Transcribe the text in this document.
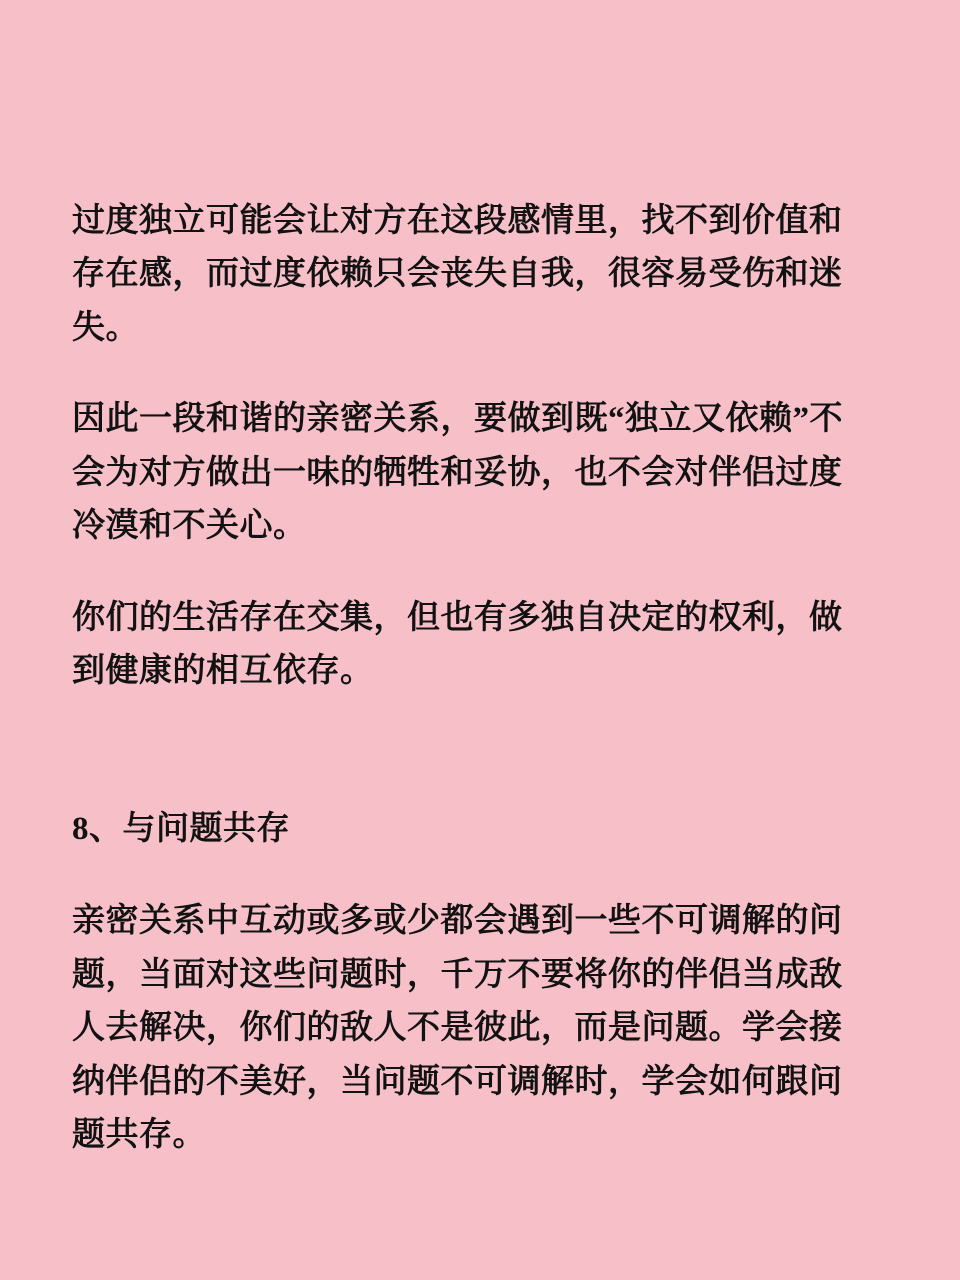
过度独立可能会让对方在这段感情里，找不到价值和存在感，而过度依赖只会丧失自我，很容易受伤和迷失。

因此一段和谐的亲密关系，要做到既“独立又依赖”不会为对方做出一味的牺牲和妥协，也不会对伴侣过度冷漠和不关心。

你们的生活存在交集，但也有多独自决定的权利，做到健康的相互依存。

8、与问题共存

亲密关系中互动或多或少都会遇到一些不可调解的问题，当面对这些问题时，千万不要将你的伴侣当成敌人去解决，你们的敌人不是彼此，而是问题。学会接纳伴侣的不美好，当问题不可调解时，学会如何跟问题共存。
